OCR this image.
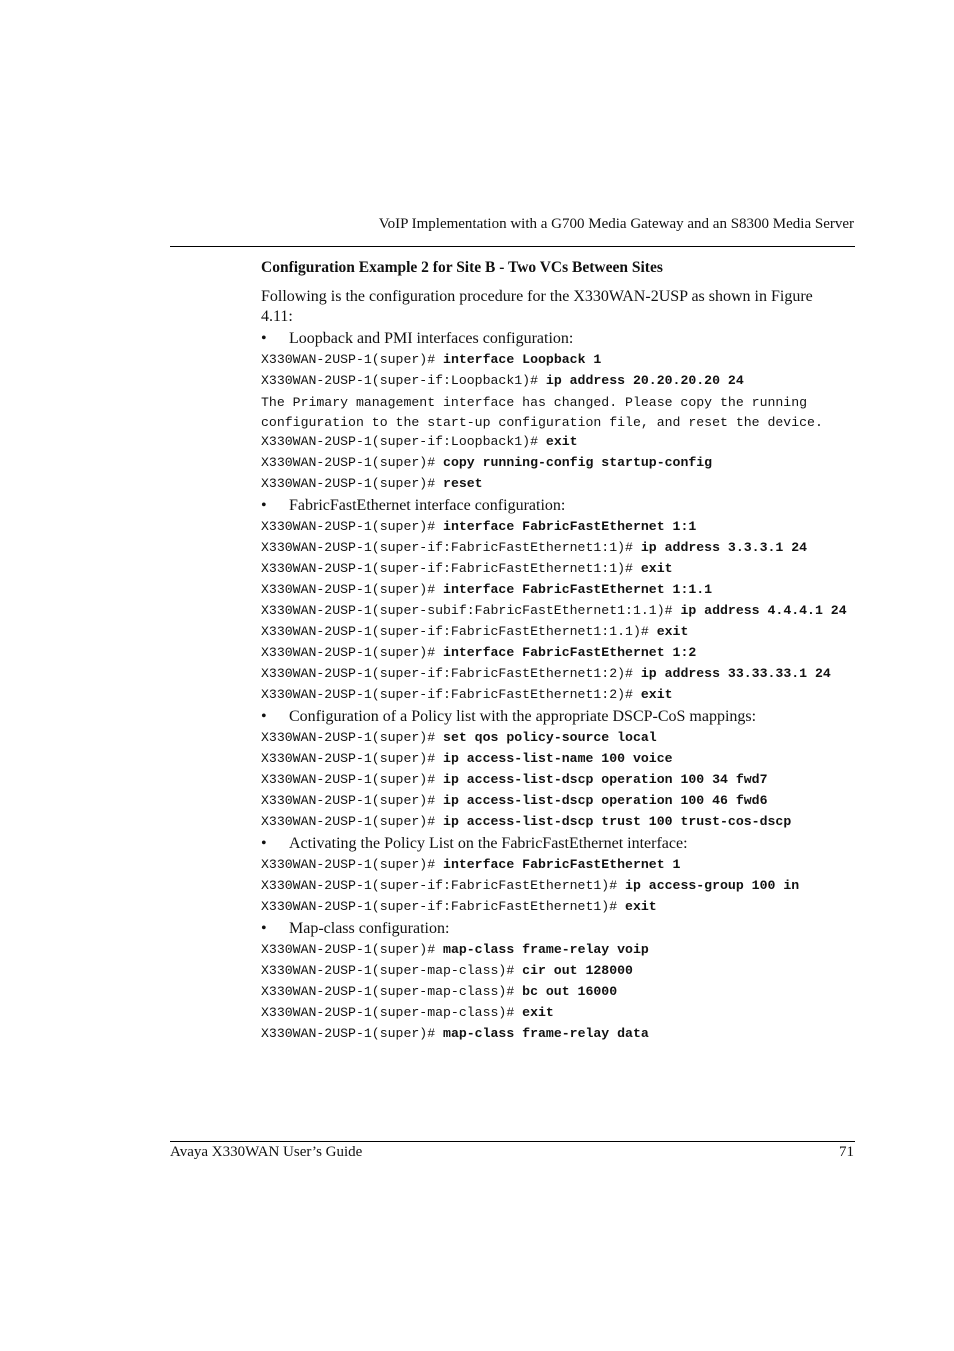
VoIP Implementation with a G700 Media Gateway and an S8300 Media Server
Configuration Example 2 for Site B - Two VCs Between Sites
Following is the configuration procedure for the X330WAN-2USP as shown in Figure 4.11:
•	Loopback and PMI interfaces configuration:
X330WAN-2USP-1(super)# interface Loopback 1
X330WAN-2USP-1(super-if:Loopback1)# ip address 20.20.20.20 24
The Primary management interface has changed. Please copy the running configuration to the start-up configuration file, and reset the device.
X330WAN-2USP-1(super-if:Loopback1)# exit
X330WAN-2USP-1(super)# copy running-config startup-config
X330WAN-2USP-1(super)# reset
•	FabricFastEthernet interface configuration:
X330WAN-2USP-1(super)# interface FabricFastEthernet 1:1
X330WAN-2USP-1(super-if:FabricFastEthernet1:1)# ip address 3.3.3.1 24
X330WAN-2USP-1(super-if:FabricFastEthernet1:1)# exit
X330WAN-2USP-1(super)# interface FabricFastEthernet 1:1.1
X330WAN-2USP-1(super-subif:FabricFastEthernet1:1.1)# ip address 4.4.4.1 24
X330WAN-2USP-1(super-if:FabricFastEthernet1:1.1)# exit
X330WAN-2USP-1(super)# interface FabricFastEthernet 1:2
X330WAN-2USP-1(super-if:FabricFastEthernet1:2)# ip address 33.33.33.1 24
X330WAN-2USP-1(super-if:FabricFastEthernet1:2)# exit
•	Configuration of a Policy list with the appropriate DSCP-CoS mappings:
X330WAN-2USP-1(super)# set qos policy-source local
X330WAN-2USP-1(super)# ip access-list-name 100 voice
X330WAN-2USP-1(super)# ip access-list-dscp operation 100 34 fwd7
X330WAN-2USP-1(super)# ip access-list-dscp operation 100 46 fwd6
X330WAN-2USP-1(super)# ip access-list-dscp trust 100 trust-cos-dscp
•	Activating the Policy List on the FabricFastEthernet interface:
X330WAN-2USP-1(super)# interface FabricFastEthernet 1
X330WAN-2USP-1(super-if:FabricFastEthernet1)# ip access-group 100 in
X330WAN-2USP-1(super-if:FabricFastEthernet1)# exit
•	Map-class configuration:
X330WAN-2USP-1(super)# map-class frame-relay voip
X330WAN-2USP-1(super-map-class)# cir out 128000
X330WAN-2USP-1(super-map-class)# bc out 16000
X330WAN-2USP-1(super-map-class)# exit
X330WAN-2USP-1(super)# map-class frame-relay data
Avaya X330WAN User’s Guide	71
